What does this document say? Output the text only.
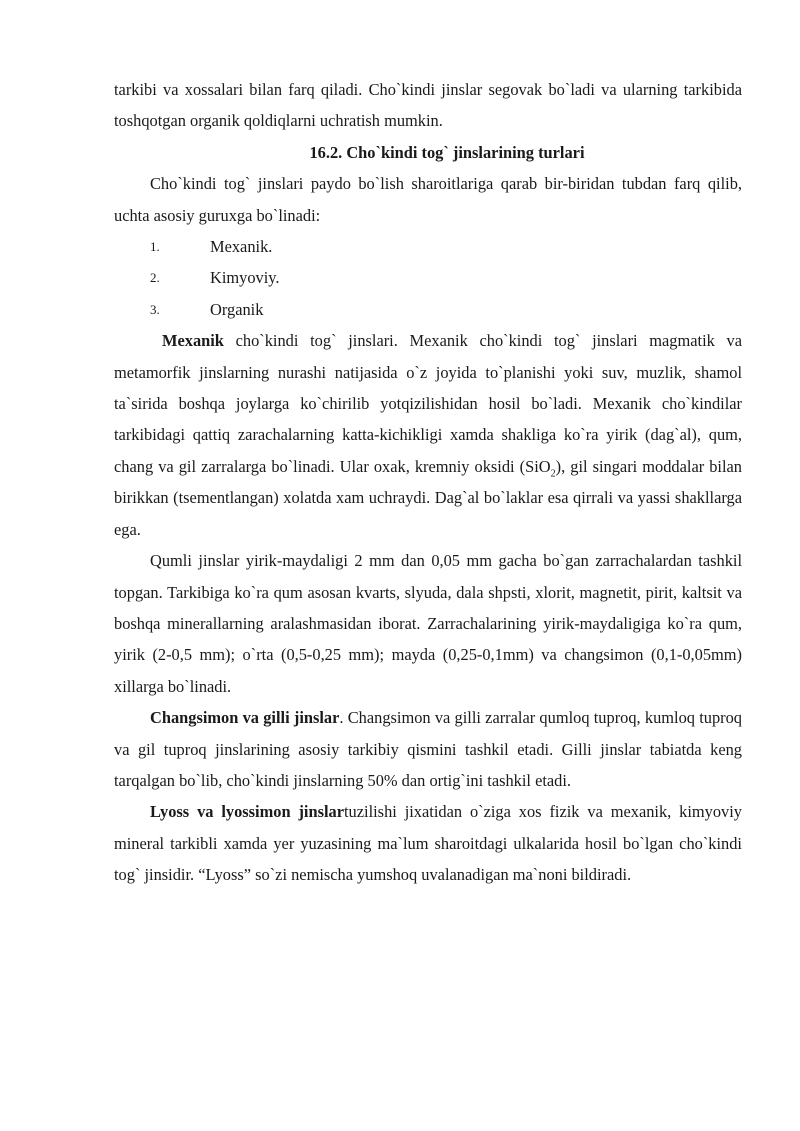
tarkibi va xossalari bilan farq qiladi. Cho`kindi jinslar segovak bo`ladi va ularning tarkibida toshqotgan organik qoldiqlarni uchratish mumkin.

16.2. Cho`kindi tog` jinslarining turlari

Cho`kindi tog` jinslari paydo bo`lish sharoitlariga qarab bir-biridan tubdan farq qilib, uchta asosiy guruxga bo`linadi:

1.	Mexanik.
2.	Kimyoviy.
3.	Organik

Mexanik cho`kindi tog` jinslari. Mexanik cho`kindi tog` jinslari magmatik va metamorfik jinslarning nurashi natijasida o`z joyida to`planishi yoki suv, muzlik, shamol ta`sirida boshqa joylarga ko`chirilib yotqizilishidan hosil bo`ladi. Mexanik cho`kindilar tarkibidagi qattiq zarachalarning katta-kichikligi xamda shakliga ko`ra yirik (dag`al), qum, chang va gil zarralarga bo`linadi. Ular oxak, kremniy oksidi (SiO$_2$), gil singari moddalar bilan birikkan (tsementlangan) xolatda xam uchraydi. Dag`al bo`laklar esa qirrali va yassi shakllarga ega.

Qumli jinslar yirik-maydaligi 2 mm dan 0,05 mm gacha bo`gan zarrachalardan tashkil topgan. Tarkibiga ko`ra qum asosan kvarts, slyuda, dala shpsti, xlorit, magnetit, pirit, kaltsit va boshqa minerallarning aralashmasidan iborat. Zarrachalarining yirik-maydaligiga ko`ra qum, yirik (2-0,5 mm); o`rta (0,5-0,25 mm); mayda (0,25-0,1mm) va changsimon (0,1-0,05mm) xillarga bo`linadi.

Changsimon va gilli jinslar. Changsimon va gilli zarralar qumloq tuproq, kumloq tuproq va gil tuproq jinslarining asosiy tarkibiy qismini tashkil etadi. Gilli jinslar tabiatda keng tarqalgan bo`lib, cho`kindi jinslarning 50% dan ortig`ini tashkil etadi.

Lyoss va lyossimon jinslartuzilishi jixatidan o`ziga xos fizik va mexanik, kimyoviy mineral tarkibli xamda yer yuzasining ma`lum sharoitdagi ulkalarida hosil bo`lgan cho`kindi tog` jinsidir. “Lyoss” so`zi nemischa yumshoq uvalanadigan ma`noni bildiradi.
